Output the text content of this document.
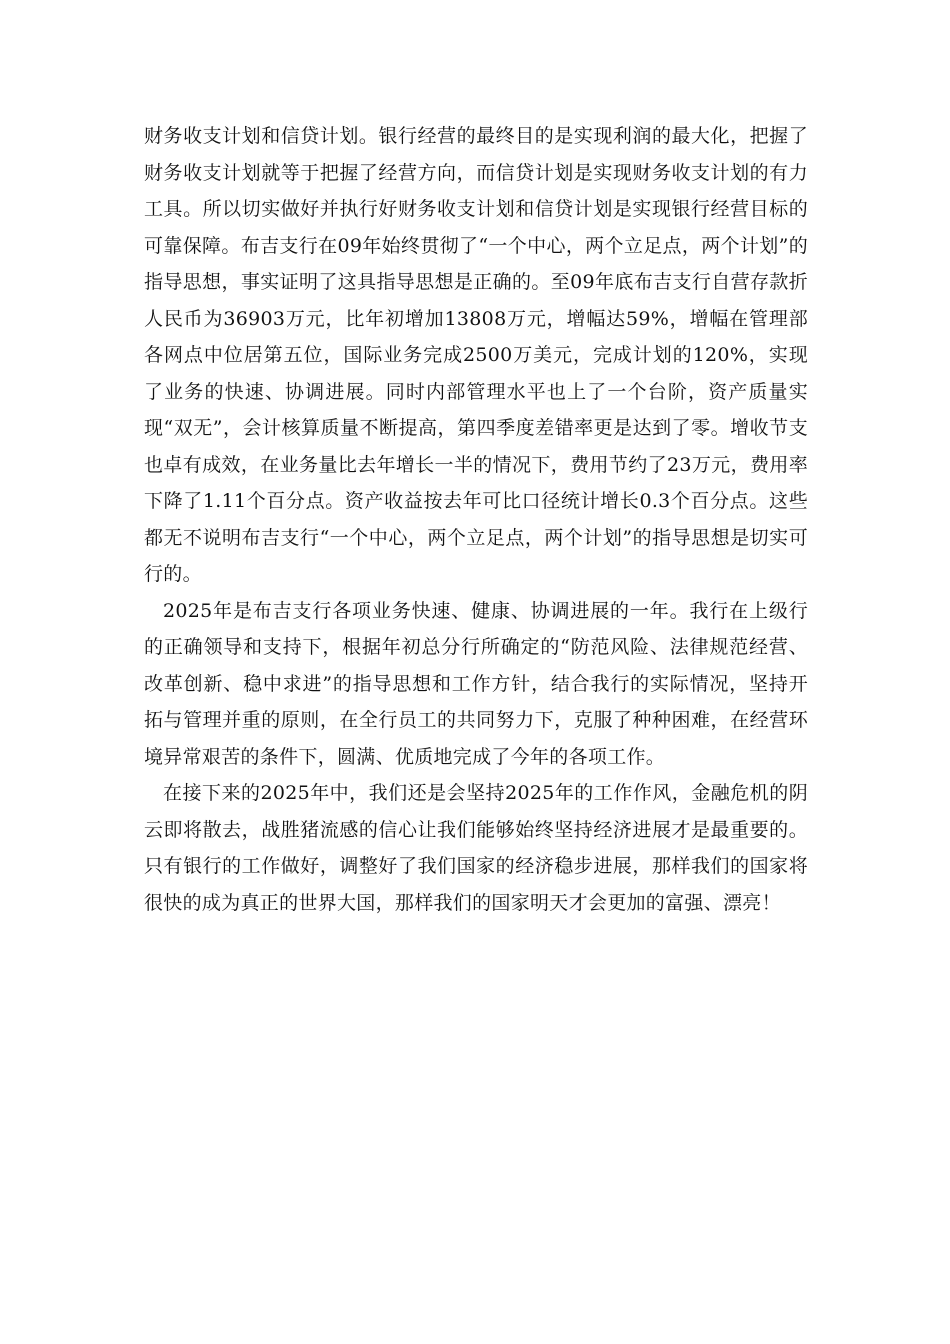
财务收支计划和信贷计划。银行经营的最终目的是实现利润的最大化，把握了财务收支计划就等于把握了经营方向，而信贷计划是实现财务收支计划的有力工具。所以切实做好并执行好财务收支计划和信贷计划是实现银行经营目标的可靠保障。布吉支行在09年始终贯彻了“一个中心，两个立足点，两个计划”的指导思想，事实证明了这具指导思想是正确的。至09年底布吉支行自营存款折人民币为36903万元，比年初增加13808万元，增幅达59%，增幅在管理部各网点中位居第五位，国际业务完成2500万美元，完成计划的120%，实现了业务的快速、协调进展。同时内部管理水平也上了一个台阶，资产质量实现“双无”，会计核算质量不断提高，第四季度差错率更是达到了零。增收节支也卓有成效，在业务量比去年增长一半的情况下，费用节约了23万元，费用率下降了1.11个百分点。资产收益按去年可比口径统计增长0.3个百分点。这些都无不说明布吉支行“一个中心，两个立足点，两个计划”的指导思想是切实可行的。

2025年是布吉支行各项业务快速、健康、协调进展的一年。我行在上级行的正确领导和支持下，根据年初总分行所确定的“防范风险、法律规范经营、改革创新、稳中求进”的指导思想和工作方针，结合我行的实际情况，坚持开拓与管理并重的原则，在全行员工的共同努力下，克服了种种困难，在经营环境异常艰苦的条件下，圆满、优质地完成了今年的各项工作。

在接下来的2025年中，我们还是会坚持2025年的工作作风，金融危机的阴云即将散去，战胜猪流感的信心让我们能够始终坚持经济进展才是最重要的。只有银行的工作做好，调整好了我们国家的经济稳步进展，那样我们的国家将很快的成为真正的世界大国，那样我们的国家明天才会更加的富强、漂亮！
